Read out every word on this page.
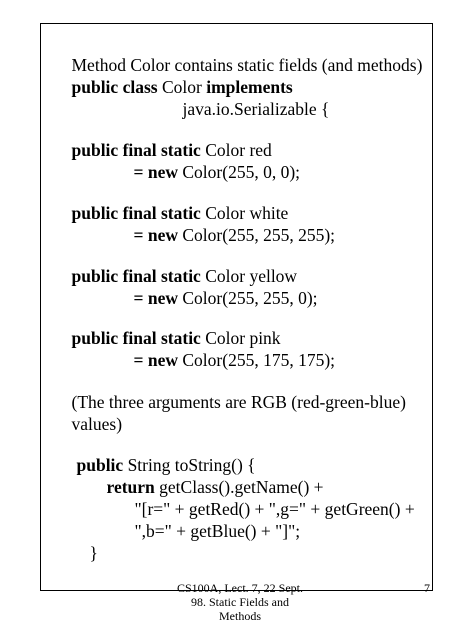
Method Color contains static fields (and methods)

public class Color implements

java.io.Serializable {

public final static Color red

= new Color(255, 0, 0);

public final static Color white

= new Color(255, 255, 255);

public final static Color yellow

= new Color(255, 255, 0);

public final static Color pink

= new Color(255, 175, 175);

(The three arguments are RGB (red-green-blue)

values)

public String toString() {

return getClass().getName() +

"[r=" + getRed() + ",g=" + getGreen() +

",b=" + getBlue() + "]";

}

CS100A, Lect. 7, 22 Sept.
98. Static Fields and
Methods
7
